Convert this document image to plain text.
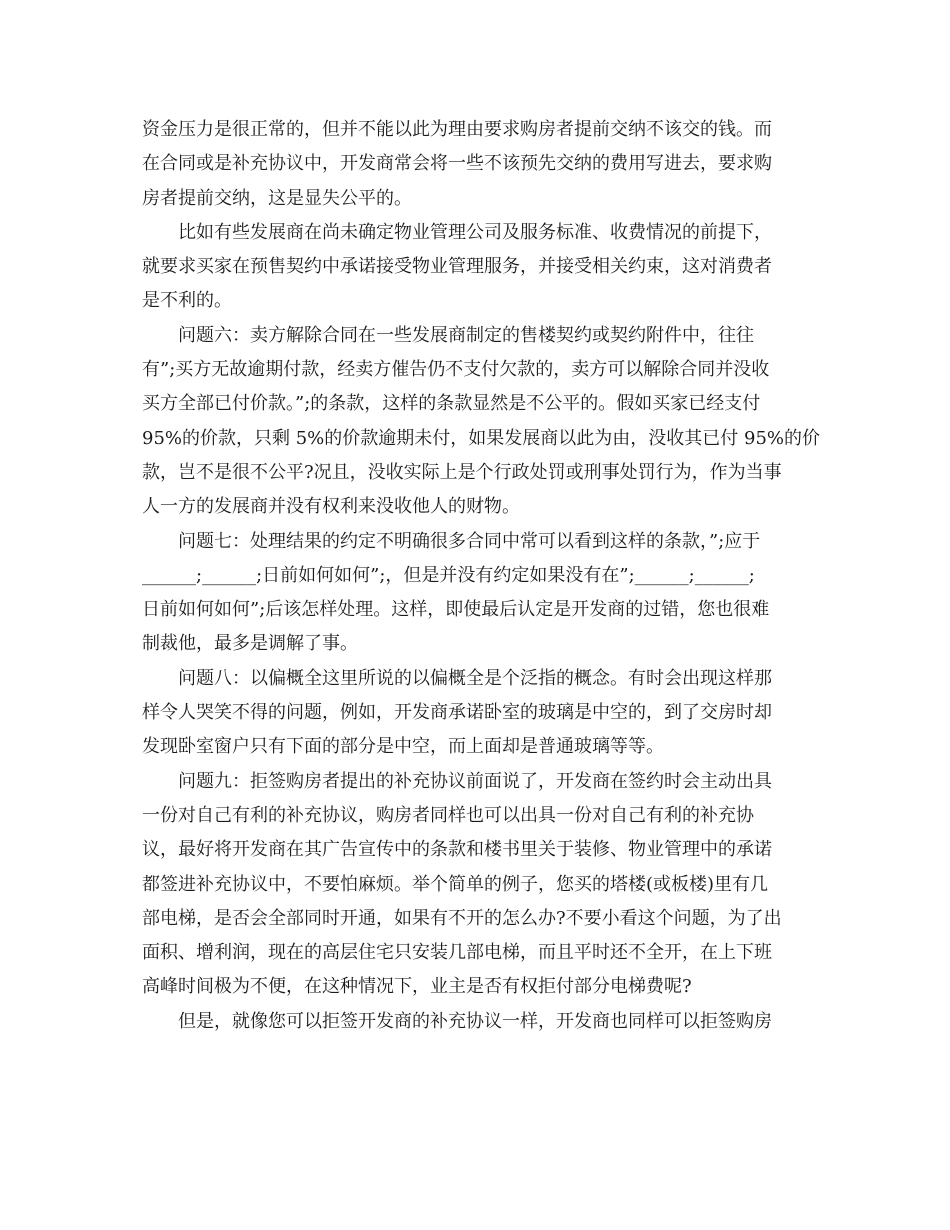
资金压力是很正常的，但并不能以此为理由要求购房者提前交纳不该交的钱。而
在合同或是补充协议中，开发商常会将一些不该预先交纳的费用写进去，要求购
房者提前交纳，这是显失公平的。
比如有些发展商在尚未确定物业管理公司及服务标准、收费情况的前提下，
就要求买家在预售契约中承诺接受物业管理服务，并接受相关约束，这对消费者
是不利的。
问题六：卖方解除合同在一些发展商制定的售楼契约或契约附件中，往往
有”;买方无故逾期付款，经卖方催告仍不支付欠款的，卖方可以解除合同并没收
买方全部已付价款。”;的条款，这样的条款显然是不公平的。假如买家已经支付
95%的价款，只剩 5%的价款逾期未付，如果发展商以此为由，没收其已付 95%的价
款，岂不是很不公平?况且，没收实际上是个行政处罚或刑事处罚行为，作为当事
人一方的发展商并没有权利来没收他人的财物。
问题七：处理结果的约定不明确很多合同中常可以看到这样的条款，”;应于
______;______;日前如何如何”;，但是并没有约定如果没有在”;______;______;
日前如何如何”;后该怎样处理。这样，即使最后认定是开发商的过错，您也很难
制裁他，最多是调解了事。
问题八：以偏概全这里所说的以偏概全是个泛指的概念。有时会出现这样那
样令人哭笑不得的问题，例如，开发商承诺卧室的玻璃是中空的，到了交房时却
发现卧室窗户只有下面的部分是中空，而上面却是普通玻璃等等。
问题九：拒签购房者提出的补充协议前面说了，开发商在签约时会主动出具
一份对自己有利的补充协议，购房者同样也可以出具一份对自己有利的补充协
议，最好将开发商在其广告宣传中的条款和楼书里关于装修、物业管理中的承诺
都签进补充协议中，不要怕麻烦。举个简单的例子，您买的塔楼(或板楼)里有几
部电梯，是否会全部同时开通，如果有不开的怎么办?不要小看这个问题，为了出
面积、增利润，现在的高层住宅只安装几部电梯，而且平时还不全开，在上下班
高峰时间极为不便，在这种情况下，业主是否有权拒付部分电梯费呢?
但是，就像您可以拒签开发商的补充协议一样，开发商也同样可以拒签购房
